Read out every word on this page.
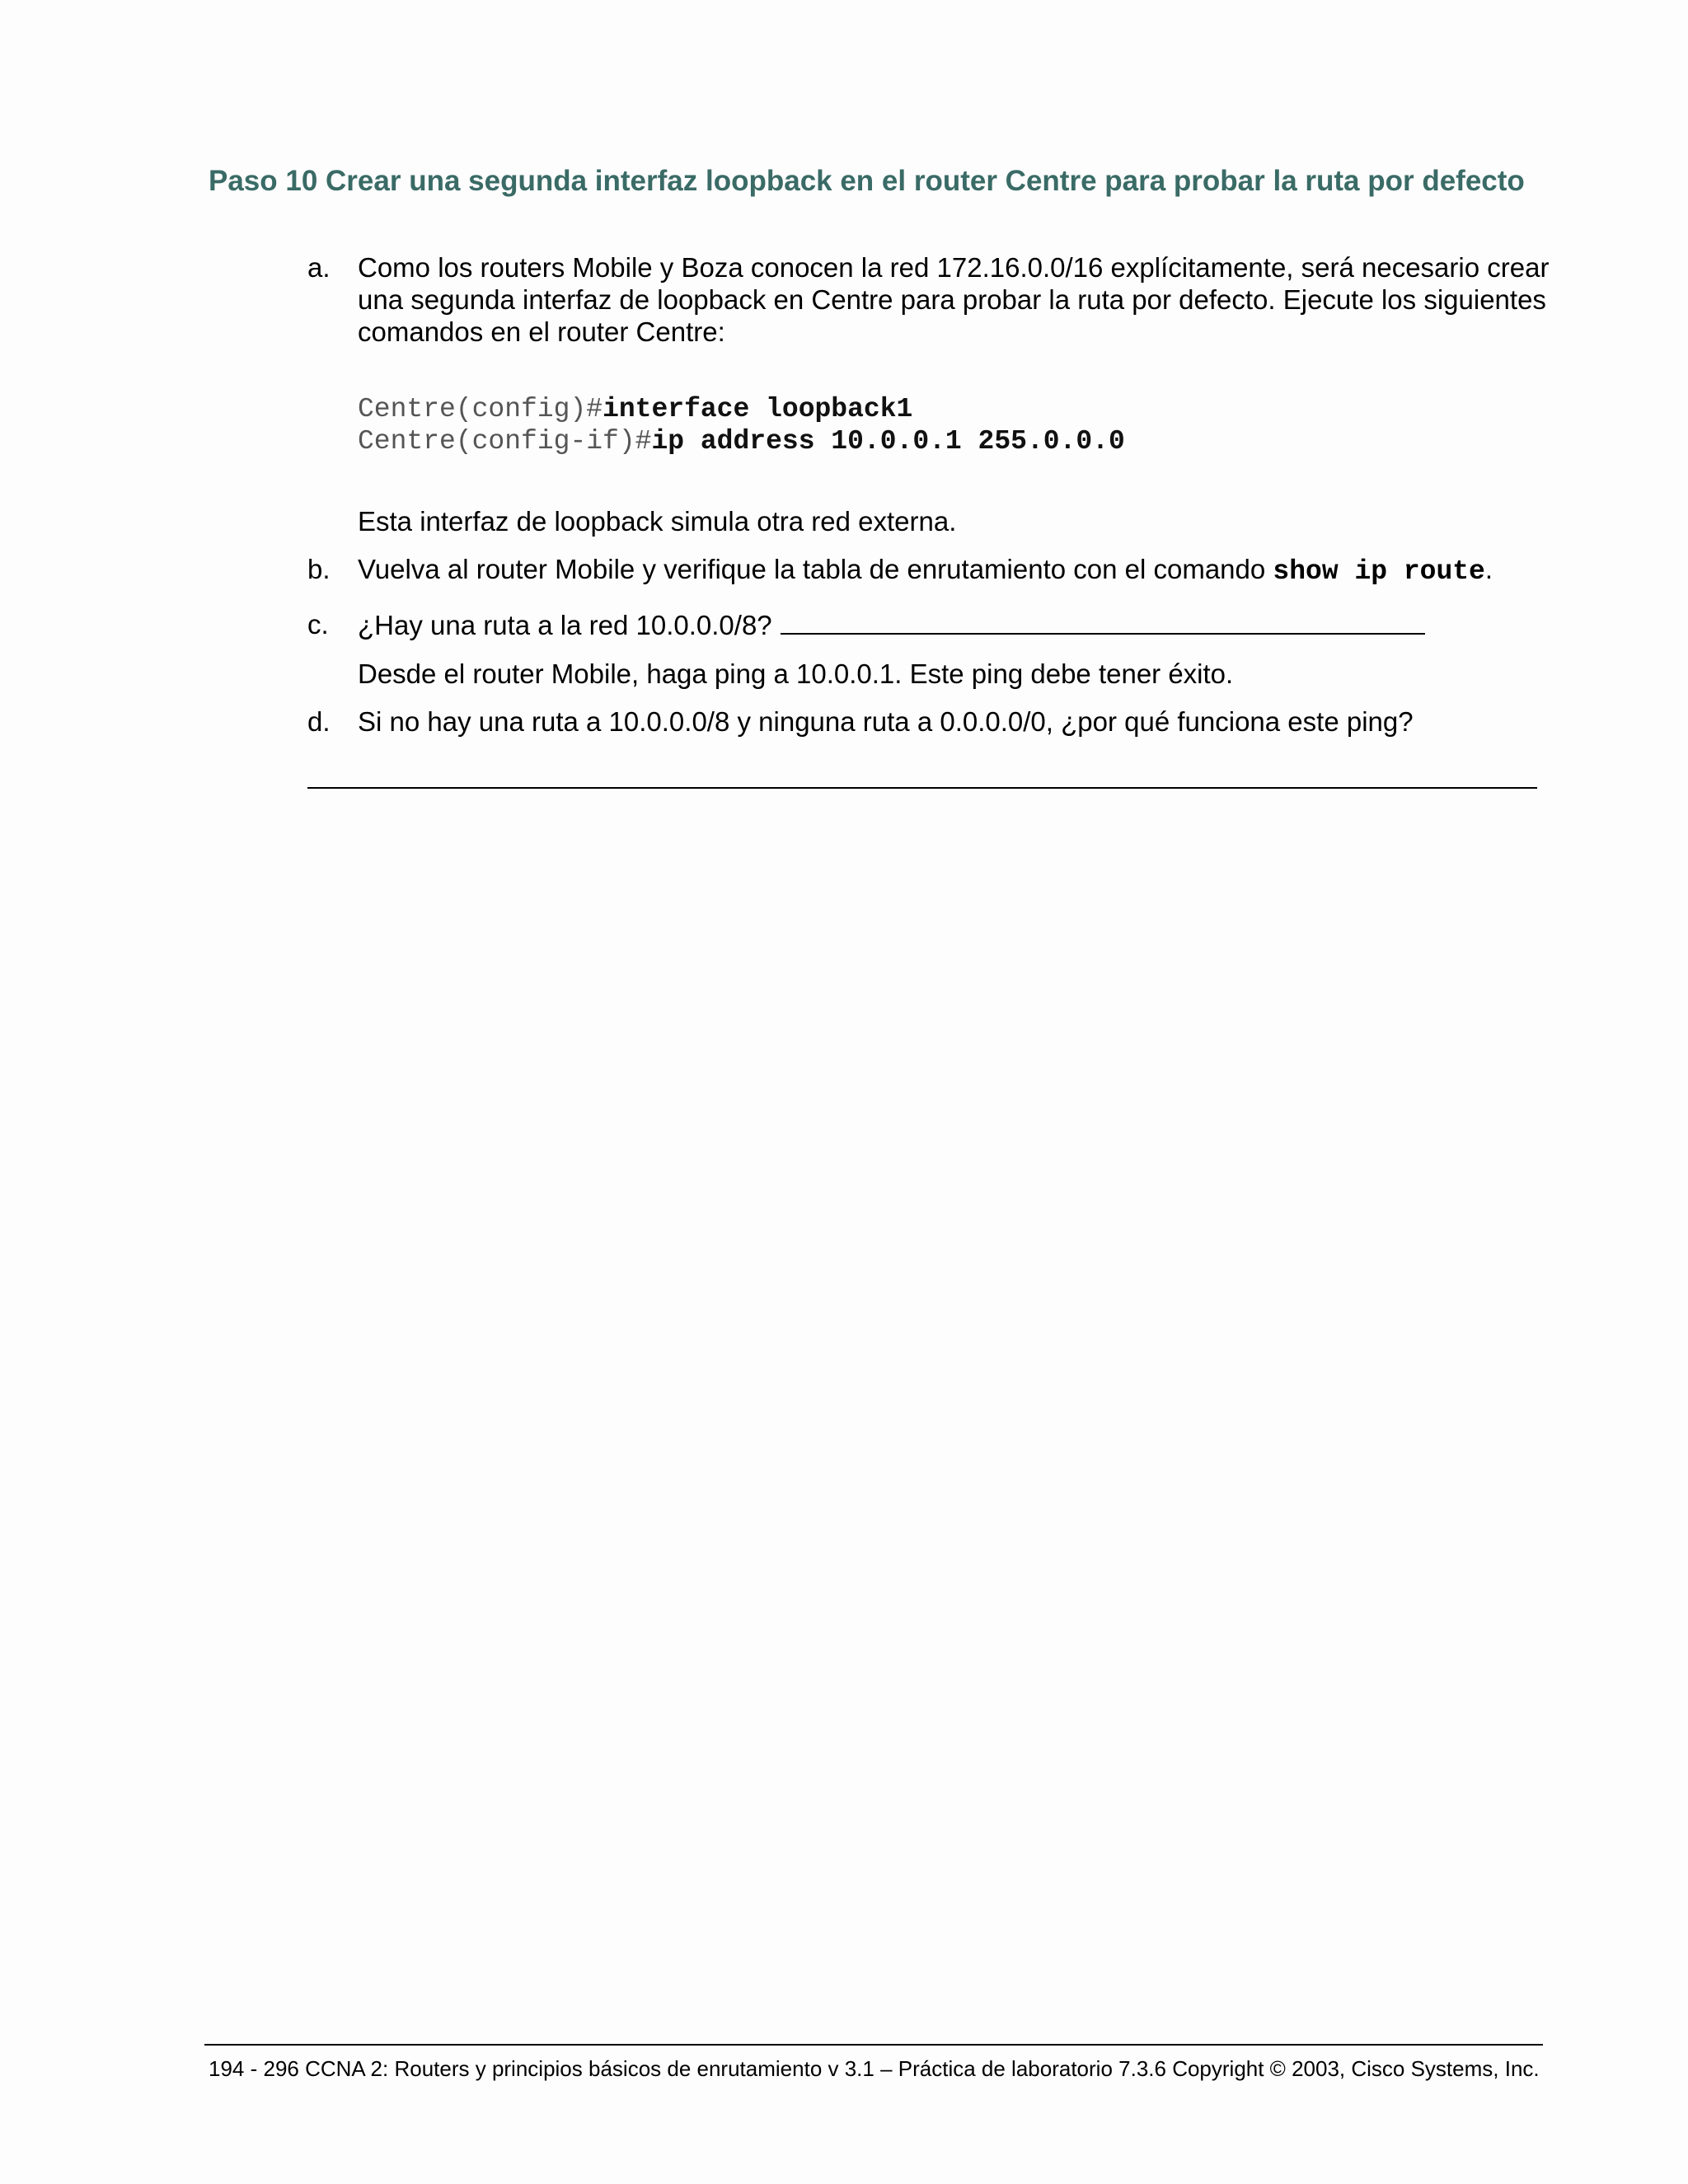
Paso 10 Crear una segunda interfaz loopback en el router Centre para probar la ruta por defecto
a.	Como los routers Mobile y Boza conocen la red 172.16.0.0/16 explícitamente, será necesario crear una segunda interfaz de loopback en Centre para probar la ruta por defecto. Ejecute los siguientes comandos en el router Centre:
Centre(config)#interface loopback1
Centre(config-if)#ip address 10.0.0.1 255.0.0.0
Esta interfaz de loopback simula otra red externa.
b.	Vuelva al router Mobile y verifique la tabla de enrutamiento con el comando show ip route.
c.	¿Hay una ruta a la red 10.0.0.0/8?
Desde el router Mobile, haga ping a 10.0.0.1. Este ping debe tener éxito.
d.	Si no hay una ruta a 10.0.0.0/8 y ninguna ruta a 0.0.0.0/0, ¿por qué funciona este ping?
194 - 296 CCNA 2: Routers y principios básicos de enrutamiento v 3.1 – Práctica de laboratorio 7.3.6 Copyright © 2003, Cisco Systems, Inc.
